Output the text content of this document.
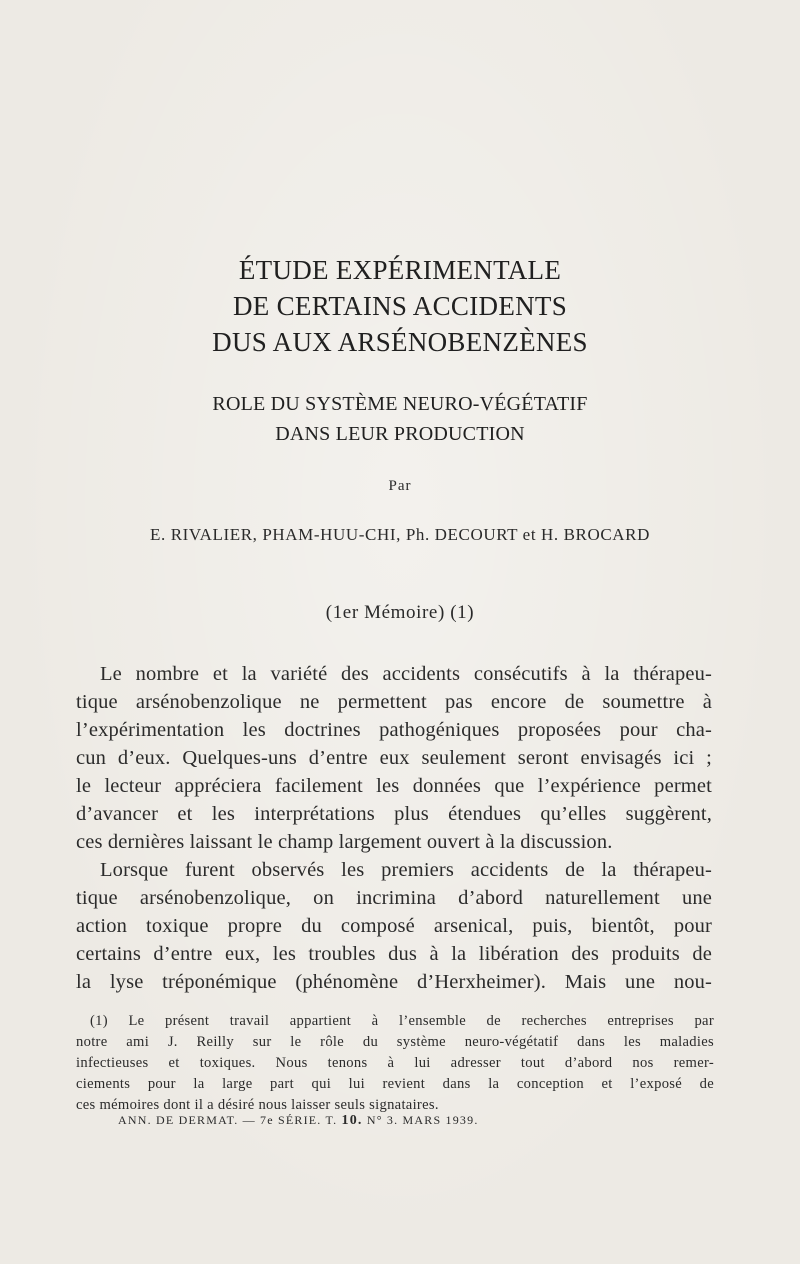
ÉTUDE EXPÉRIMENTALE
DE CERTAINS ACCIDENTS
DUS AUX ARSÉNOBENZÈNES
ROLE DU SYSTÈME NEURO-VÉGÉTATIF
DANS LEUR PRODUCTION
Par
E. RIVALIER, PHAM-HUU-CHI, Ph. DECOURT et H. BROCARD
(1er Mémoire) (1)
Le nombre et la variété des accidents consécutifs à la thérapeu-
tique arsénobenzolique ne permettent pas encore de soumettre à
l’expérimentation les doctrines pathogéniques proposées pour cha-
cun d’eux. Quelques-uns d’entre eux seulement seront envisagés ici ;
le lecteur appréciera facilement les données que l’expérience permet
d’avancer et les interprétations plus étendues qu’elles suggèrent,
ces dernières laissant le champ largement ouvert à la discussion.
Lorsque furent observés les premiers accidents de la thérapeu-
tique arsénobenzolique, on incrimina d’abord naturellement une
action toxique propre du composé arsenical, puis, bientôt, pour
certains d’entre eux, les troubles dus à la libération des produits de
la lyse tréponémique (phénomène d’Herxheimer). Mais une nou-
(1) Le présent travail appartient à l’ensemble de recherches entreprises par
notre ami J. Reilly sur le rôle du système neuro-végétatif dans les maladies
infectieuses et toxiques. Nous tenons à lui adresser tout d’abord nos remer-
ciements pour la large part qui lui revient dans la conception et l’exposé de
ces mémoires dont il a désiré nous laisser seuls signataires.
ANN. DE DERMAT. — 7e SÉRIE. T. 10. N° 3. MARS 1939.
